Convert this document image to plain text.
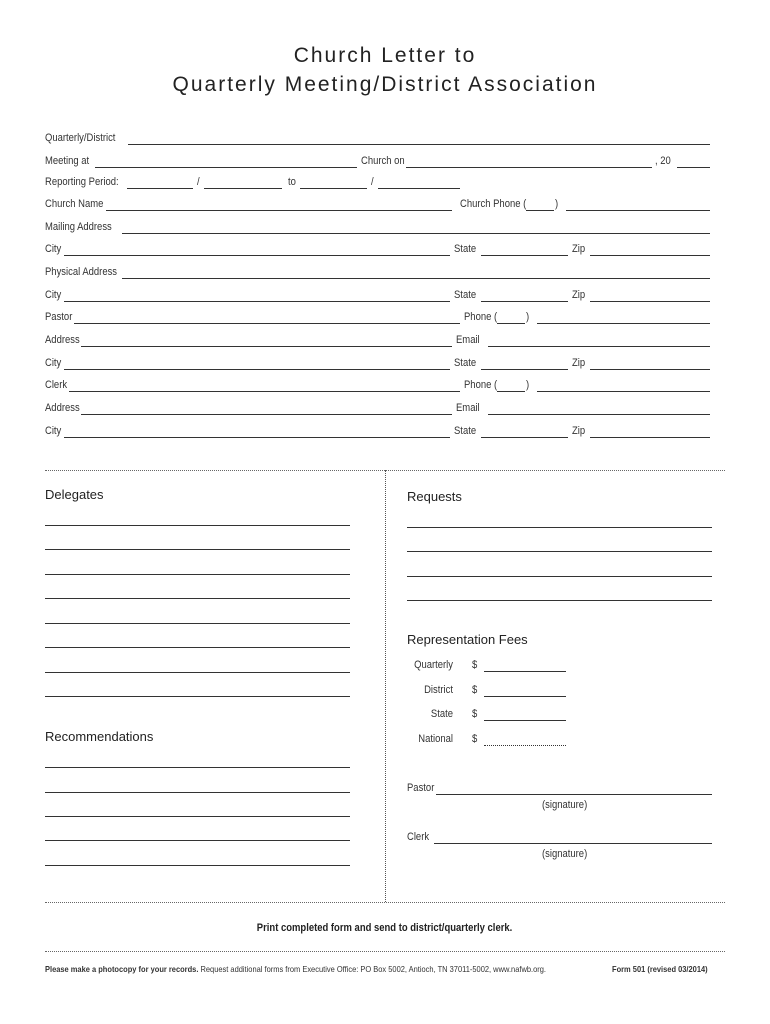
Church Letter to
Quarterly Meeting/District Association
Quarterly/District
Meeting at	Church on	, 20
Reporting Period:	/	to	/
Church Name	Church Phone (	)
Mailing Address
City	State	Zip
Physical Address
City	State	Zip
Pastor	Phone (	)
Address	Email
City	State	Zip
Clerk	Phone (	)
Address	Email
City	State	Zip
Delegates
Recommendations
Requests
Representation Fees
Quarterly $
District $
State $
National $
Pastor
(signature)
Clerk
(signature)
Print completed form and send to district/quarterly clerk.
Please make a photocopy for your records. Request additional forms from Executive Office: PO Box 5002, Antioch, TN 37011-5002, www.nafwb.org.	Form 501 (revised 03/2014)
